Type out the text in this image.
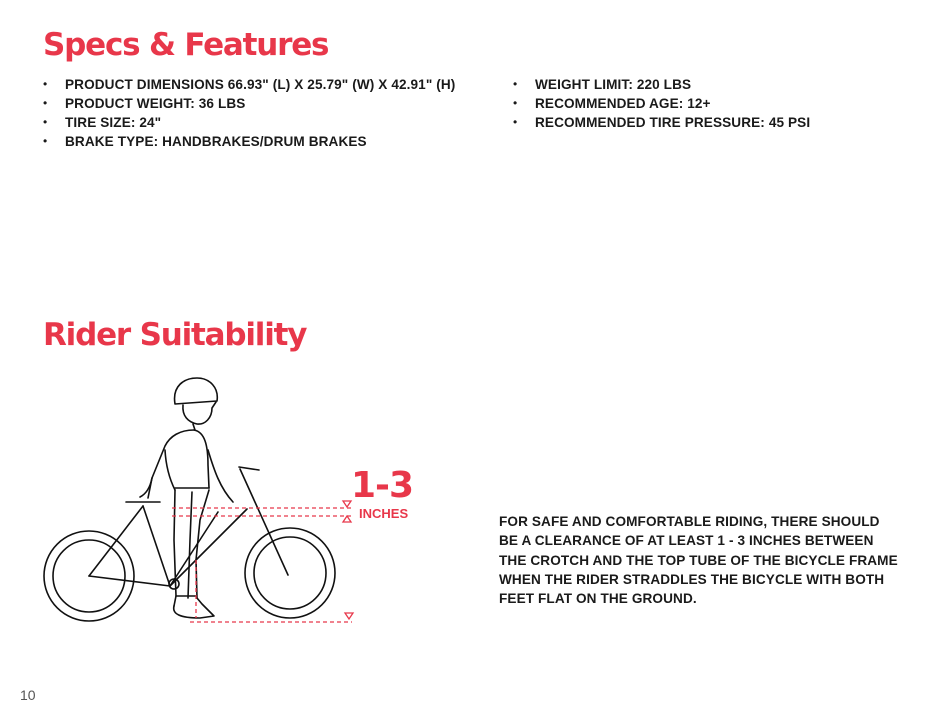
Specs & Features
• PRODUCT DIMENSIONS 66.93" (L) X 25.79" (W) X 42.91" (H)
• PRODUCT WEIGHT: 36 LBS
• TIRE SIZE: 24"
• BRAKE TYPE: HANDBRAKES/DRUM BRAKES
• WEIGHT LIMIT: 220 LBS
• RECOMMENDED AGE: 12+
• RECOMMENDED TIRE PRESSURE: 45 PSI
Rider Suitability

1-3

INCHES

FOR SAFE AND COMFORTABLE RIDING, THERE SHOULD BE A CLEARANCE OF AT LEAST 1 - 3 INCHES BETWEEN THE CROTCH AND THE TOP TUBE OF THE BICYCLE FRAME WHEN THE RIDER STRADDLES THE BICYCLE WITH BOTH FEET FLAT ON THE GROUND.

10
